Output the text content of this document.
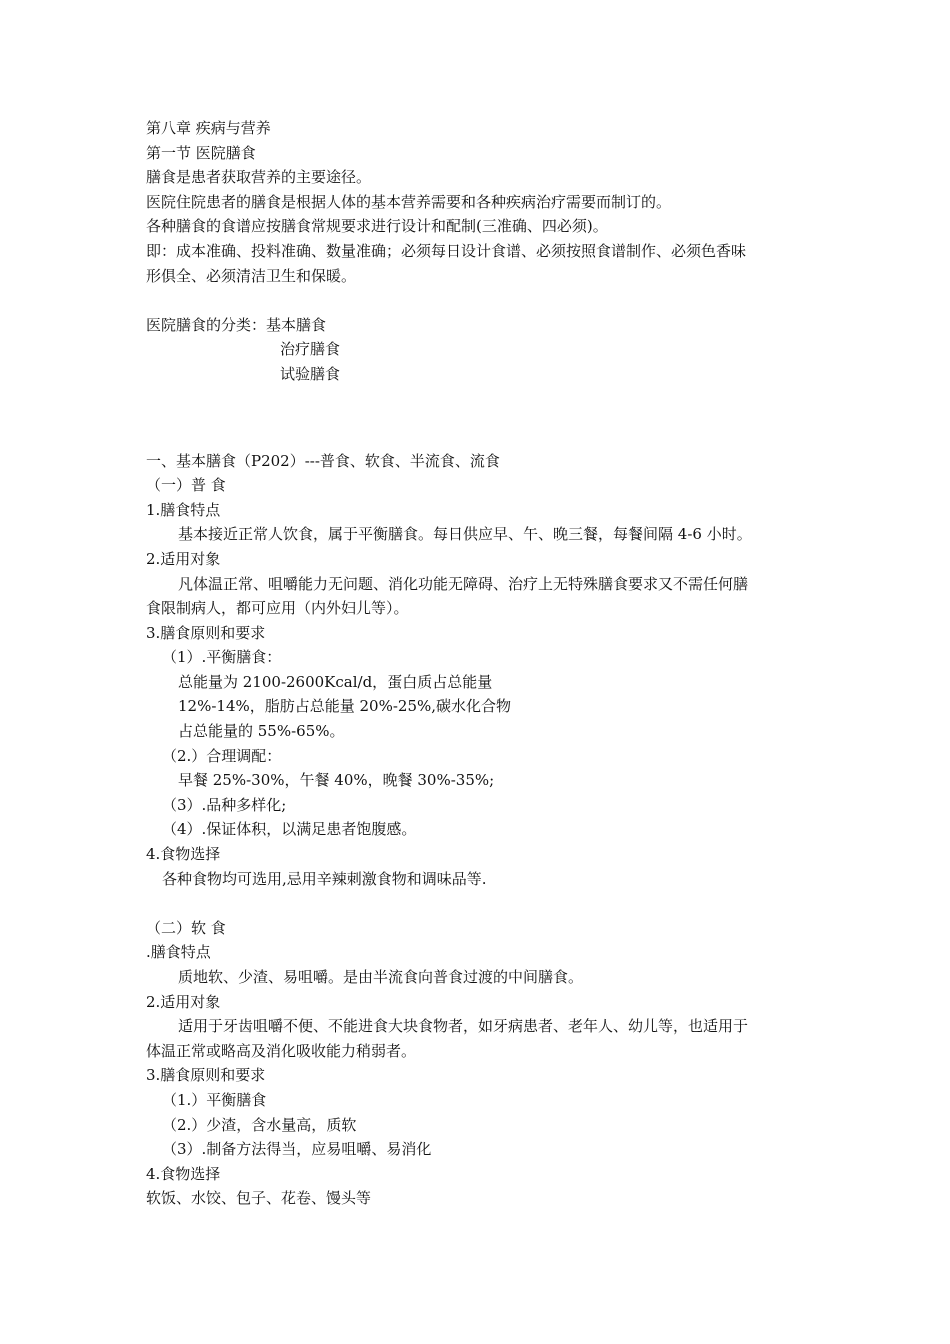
第八章 疾病与营养
第一节 医院膳食
膳食是患者获取营养的主要途径。
医院住院患者的膳食是根据人体的基本营养需要和各种疾病治疗需要而制订的。
各种膳食的食谱应按膳食常规要求进行设计和配制(三准确、四必须)。
即：成本准确、投料准确、数量准确；必须每日设计食谱、必须按照食谱制作、必须色香味
形俱全、必须清洁卫生和保暖。
医院膳食的分类：基本膳食
治疗膳食
试验膳食
一、基本膳食（P202）---普食、软食、半流食、流食
（一）普 食
1.膳食特点
基本接近正常人饮食，属于平衡膳食。每日供应早、午、晚三餐，每餐间隔 4-6 小时。
2.适用对象
凡体温正常、咀嚼能力无问题、消化功能无障碍、治疗上无特殊膳食要求又不需任何膳
食限制病人，都可应用（内外妇儿等）。
3.膳食原则和要求
（1）.平衡膳食：
总能量为 2100-2600Kcal/d，蛋白质占总能量
12%-14%，脂肪占总能量 20%-25%,碳水化合物
占总能量的 55%-65%。
（2.）合理调配：
早餐 25%-30%，午餐 40%，晚餐 30%-35%;
（3）.品种多样化;
（4）.保证体积，以满足患者饱腹感。
4.食物选择
各种食物均可选用,忌用辛辣刺激食物和调味品等.
（二）软 食
.膳食特点
质地软、少渣、易咀嚼。是由半流食向普食过渡的中间膳食。
2.适用对象
适用于牙齿咀嚼不便、不能进食大块食物者，如牙病患者、老年人、幼儿等，也适用于
体温正常或略高及消化吸收能力稍弱者。
3.膳食原则和要求
（1.）平衡膳食
（2.）少渣，含水量高，质软
（3）.制备方法得当，应易咀嚼、易消化
4.食物选择
软饭、水饺、包子、花卷、馒头等
